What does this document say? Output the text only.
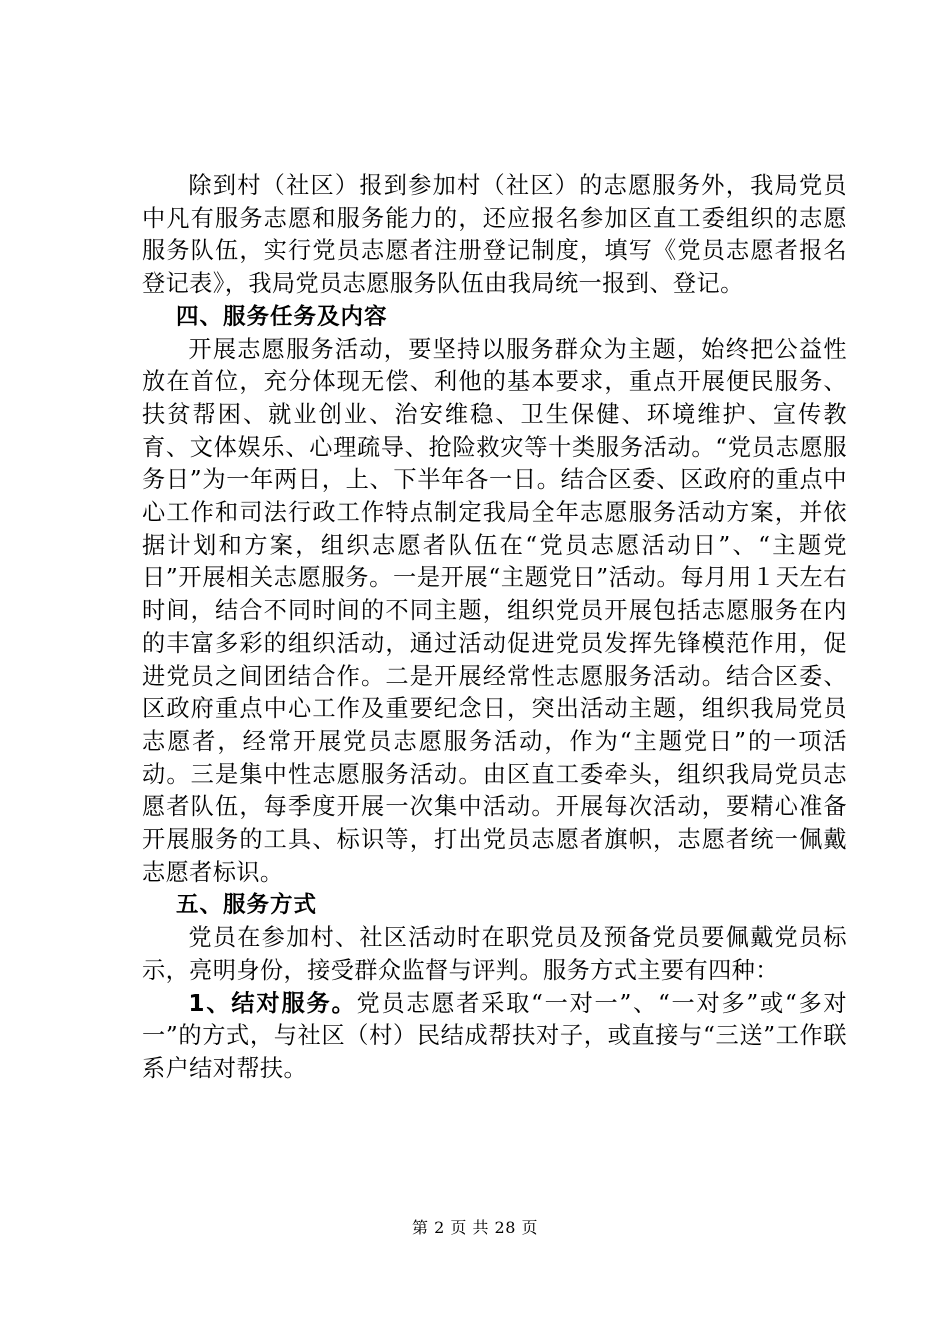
除到村（社区）报到参加村（社区）的志愿服务外，我局党员中凡有服务志愿和服务能力的，还应报名参加区直工委组织的志愿服务队伍，实行党员志愿者注册登记制度，填写《党员志愿者报名登记表》，我局党员志愿服务队伍由我局统一报到、登记。

四、服务任务及内容

开展志愿服务活动，要坚持以服务群众为主题，始终把公益性放在首位，充分体现无偿、利他的基本要求，重点开展便民服务、扶贫帮困、就业创业、治安维稳、卫生保健、环境维护、宣传教育、文体娱乐、心理疏导、抢险救灾等十类服务活动。“党员志愿服务日”为一年两日，上、下半年各一日。结合区委、区政府的重点中心工作和司法行政工作特点制定我局全年志愿服务活动方案，并依据计划和方案，组织志愿者队伍在“党员志愿活动日”、“主题党日”开展相关志愿服务。一是开展“主题党日”活动。每月用１天左右时间，结合不同时间的不同主题，组织党员开展包括志愿服务在内的丰富多彩的组织活动，通过活动促进党员发挥先锋模范作用，促进党员之间团结合作。二是开展经常性志愿服务活动。结合区委、区政府重点中心工作及重要纪念日，突出活动主题，组织我局党员志愿者，经常开展党员志愿服务活动，作为“主题党日”的一项活动。三是集中性志愿服务活动。由区直工委牵头，组织我局党员志愿者队伍，每季度开展一次集中活动。开展每次活动，要精心准备开展服务的工具、标识等，打出党员志愿者旗帜，志愿者统一佩戴志愿者标识。

五、服务方式

党员在参加村、社区活动时在职党员及预备党员要佩戴党员标示，亮明身份，接受群众监督与评判。服务方式主要有四种：

1、结对服务。党员志愿者采取“一对一”、“一对多”或“多对一”的方式，与社区（村）民结成帮扶对子，或直接与“三送”工作联系户结对帮扶。

第 2 页 共 28 页
